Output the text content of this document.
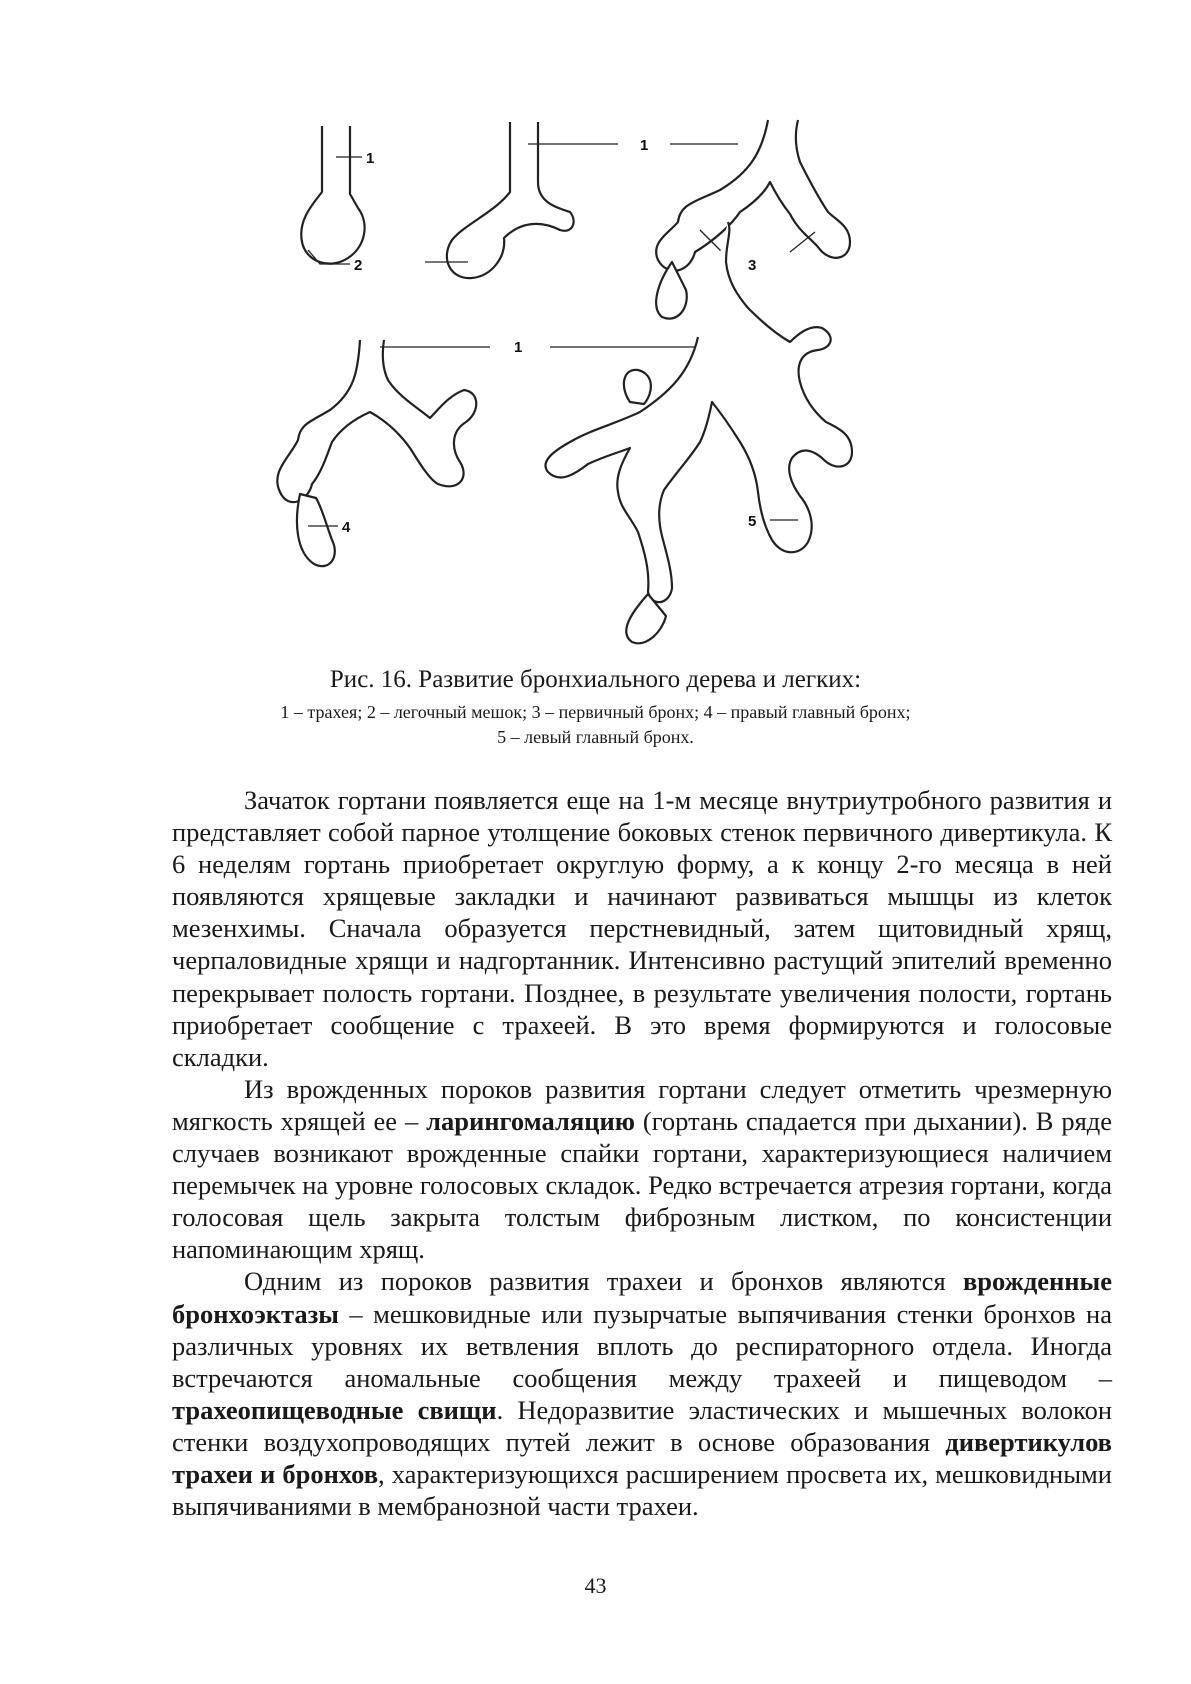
1
2
1
3
4
1
5
Рис. 16. Развитие бронхиального дерева и легких:
1 – трахея; 2 – легочный мешок; 3 – первичный бронх; 4 – правый главный бронх;
5 – левый главный бронх.

Зачаток гортани появляется еще на 1-м месяце внутриутробного развития и представляет собой парное утолщение боковых стенок первичного дивертикула. К 6 неделям гортань приобретает округлую форму, а к концу 2-го месяца в ней появляются хрящевые закладки и начинают развиваться мышцы из клеток мезенхимы. Сначала образуется перстневидный, затем щитовидный хрящ, черпаловидные хрящи и надгортанник. Интенсивно растущий эпителий временно перекрывает полость гортани. Позднее, в результате увеличения полости, гортань приобретает сообщение с трахеей. В это время формируются и голосовые складки.

Из врожденных пороков развития гортани следует отметить чрезмерную мягкость хрящей ее – ларингомаляцию (гортань спадается при дыхании). В ряде случаев возникают врожденные спайки гортани, характеризующиеся наличием перемычек на уровне голосовых складок. Редко встречается атрезия гортани, когда голосовая щель закрыта толстым фиброзным листком, по консистенции напоминающим хрящ.

Одним из пороков развития трахеи и бронхов являются врожденные бронхоэктазы – мешковидные или пузырчатые выпячивания стенки бронхов на различных уровнях их ветвления вплоть до респираторного отдела. Иногда встречаются аномальные сообщения между трахеей и пищеводом – трахеопищеводные свищи. Недоразвитие эластических и мышечных волокон стенки воздухопроводящих путей лежит в основе образования дивертикулов трахеи и бронхов, характеризующихся расширением просвета их, мешковидными выпячиваниями в мембранозной части трахеи.

43
